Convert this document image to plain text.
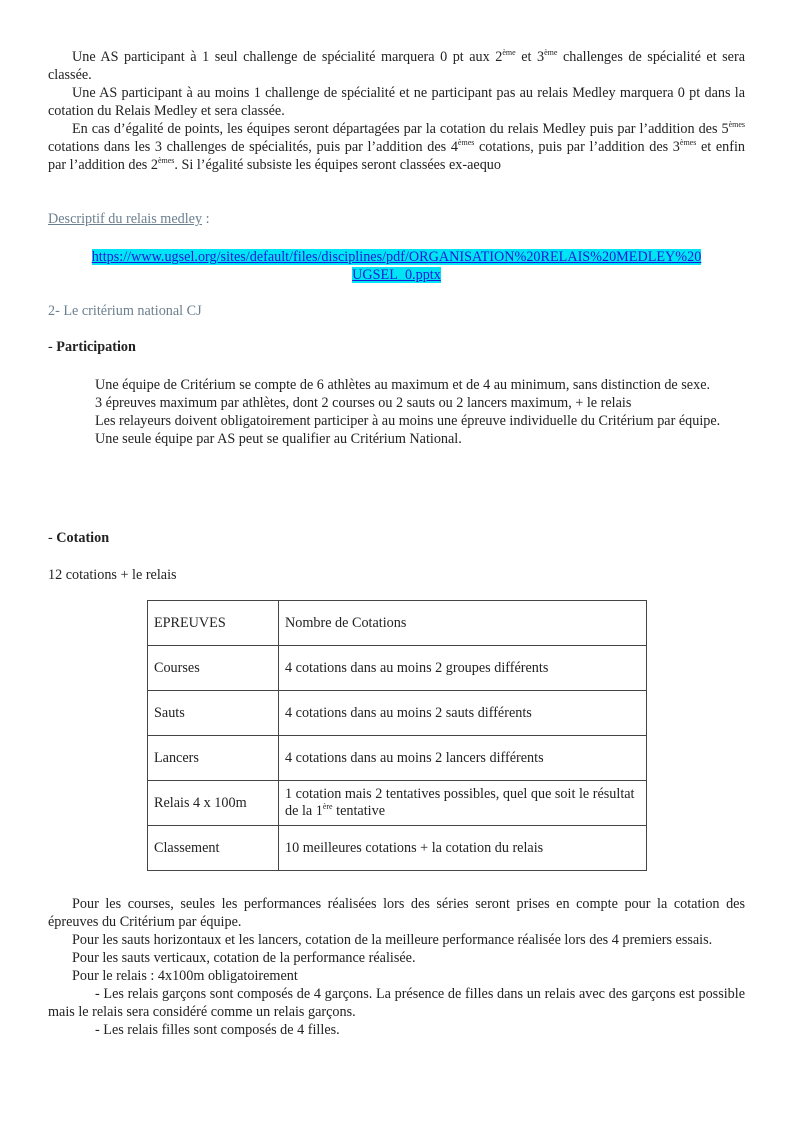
Une AS participant à 1 seul challenge de spécialité marquera 0 pt aux 2ème et 3ème challenges de spécialité et sera classée.

Une AS participant à au moins 1 challenge de spécialité et ne participant pas au relais Medley marquera 0 pt dans la cotation du Relais Medley et sera classée.

En cas d’égalité de points, les équipes seront départagées par la cotation du relais Medley puis par l’addition des 5èmes cotations dans les 3 challenges de spécialités, puis par l’addition des 4èmes cotations, puis par l’addition des 3èmes et enfin par l’addition des 2èmes. Si l’égalité subsiste les équipes seront classées ex-aequo

Descriptif du relais medley :

https://www.ugsel.org/sites/default/files/disciplines/pdf/ORGANISATION%20RELAIS%20MEDLEY%20

UGSEL_0.pptx

2- Le critérium national CJ
- Participation

Une équipe de Critérium se compte de 6 athlètes au maximum et de 4 au minimum, sans distinction de sexe.

3 épreuves maximum par athlètes, dont 2 courses ou 2 sauts ou 2 lancers maximum, + le relais

Les relayeurs doivent obligatoirement participer à au moins une épreuve individuelle du Critérium par équipe.

Une seule équipe par AS peut se qualifier au Critérium National.

- Cotation
12 cotations + le relais
EPREUVES	Nombre de Cotations
Courses	4 cotations dans au moins 2 groupes différents
Sauts	4 cotations dans au moins 2 sauts différents
Lancers	4 cotations dans au moins 2 lancers différents
Relais 4 x 100m	1 cotation mais 2 tentatives possibles, quel que soit le résultat de la 1ère tentative
Classement	10 meilleures cotations + la cotation du relais

Pour les courses, seules les performances réalisées lors des séries seront prises en compte pour la cotation des épreuves du Critérium par équipe.

Pour les sauts horizontaux et les lancers, cotation de la meilleure performance réalisée lors des 4 premiers essais.

Pour les sauts verticaux, cotation de la performance réalisée.

Pour le relais : 4x100m obligatoirement

- Les relais garçons sont composés de 4 garçons. La présence de filles dans un relais avec des garçons est possible mais le relais sera considéré comme un relais garçons.

- Les relais filles sont composés de 4 filles.
